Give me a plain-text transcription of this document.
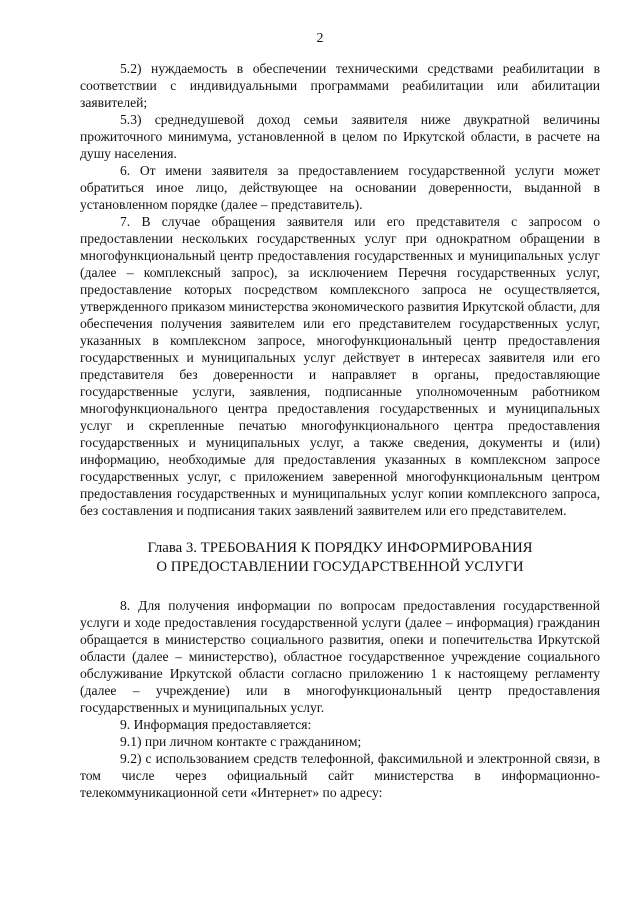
2

5.2) нуждаемость в обеспечении техническими средствами реабилитации в соответствии с индивидуальными программами реабилитации или абилитации заявителей;

5.3) среднедушевой доход семьи заявителя ниже двукратной величины прожиточного минимума, установленной в целом по Иркутской области, в расчете на душу населения.

6. От имени заявителя за предоставлением государственной услуги может обратиться иное лицо, действующее на основании доверенности, выданной в установленном порядке (далее – представитель).

7. В случае обращения заявителя или его представителя с запросом о предоставлении нескольких государственных услуг при однократном обращении в многофункциональный центр предоставления государственных и муниципальных услуг (далее – комплексный запрос), за исключением Перечня государственных услуг, предоставление которых посредством комплексного запроса не осуществляется, утвержденного приказом министерства экономического развития Иркутской области, для обеспечения получения заявителем или его представителем государственных услуг, указанных в комплексном запросе, многофункциональный центр предоставления государственных и муниципальных услуг действует в интересах заявителя или его представителя без доверенности и направляет в органы, предоставляющие государственные услуги, заявления, подписанные уполномоченным работником многофункционального центра предоставления государственных и муниципальных услуг и скрепленные печатью многофункционального центра предоставления государственных и муниципальных услуг, а также сведения, документы и (или) информацию, необходимые для предоставления указанных в комплексном запросе государственных услуг, с приложением заверенной многофункциональным центром предоставления государственных и муниципальных услуг копии комплексного запроса, без составления и подписания таких заявлений заявителем или его представителем.

Глава 3. ТРЕБОВАНИЯ К ПОРЯДКУ ИНФОРМИРОВАНИЯ
О ПРЕДОСТАВЛЕНИИ ГОСУДАРСТВЕННОЙ УСЛУГИ

8. Для получения информации по вопросам предоставления государственной услуги и ходе предоставления государственной услуги (далее – информация) гражданин обращается в министерство социального развития, опеки и попечительства Иркутской области (далее – министерство), областное государственное учреждение социального обслуживание Иркутской области согласно приложению 1 к настоящему регламенту (далее – учреждение) или в многофункциональный центр предоставления государственных и муниципальных услуг.

9. Информация предоставляется:

9.1) при личном контакте с гражданином;

9.2) с использованием средств телефонной, факсимильной и электронной связи, в том числе через официальный сайт министерства в информационно-телекоммуникационной сети «Интернет» по адресу:
